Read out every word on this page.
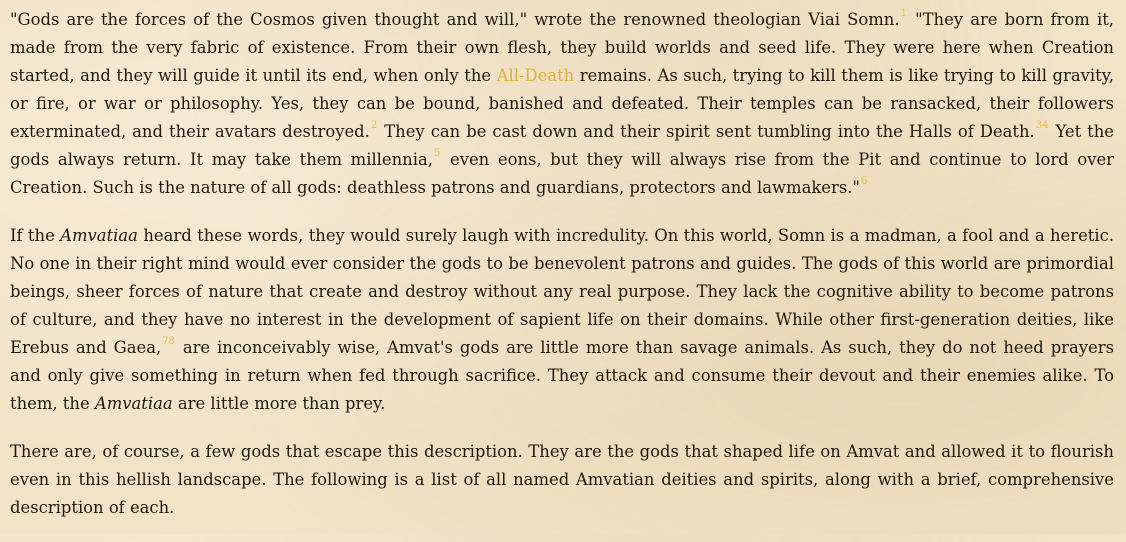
"Gods are the forces of the Cosmos given thought and will," wrote the renowned theologian Viai Somn.$^1$ "They are born from it, made from the very fabric of existence. From their own flesh, they build worlds and seed life. They were here when Creation started, and they will guide it until its end, when only the All-Death remains. As such, trying to kill them is like trying to kill gravity, or fire, or war or philosophy. Yes, they can be bound, banished and defeated. Their temples can be ransacked, their followers exterminated, and their avatars destroyed.$^2$ They can be cast down and their spirit sent tumbling into the Halls of Death.$^{34}$ Yet the gods always return. It may take them millennia,$^5$ even eons, but they will always rise from the Pit and continue to lord over Creation. Such is the nature of all gods: deathless patrons and guardians, protectors and lawmakers."$^6$

If the Amvatiaa heard these words, they would surely laugh with incredulity. On this world, Somn is a madman, a fool and a heretic. No one in their right mind would ever consider the gods to be benevolent patrons and guides. The gods of this world are primordial beings, sheer forces of nature that create and destroy without any real purpose. They lack the cognitive ability to become patrons of culture, and they have no interest in the development of sapient life on their domains. While other first-generation deities, like Erebus and Gaea,$^{78}$ are inconceivably wise, Amvat's gods are little more than savage animals. As such, they do not heed prayers and only give something in return when fed through sacrifice. They attack and consume their devout and their enemies alike. To them, the Amvatiaa are little more than prey.

There are, of course, a few gods that escape this description. They are the gods that shaped life on Amvat and allowed it to flourish even in this hellish landscape. The following is a list of all named Amvatian deities and spirits, along with a brief, comprehensive description of each.
